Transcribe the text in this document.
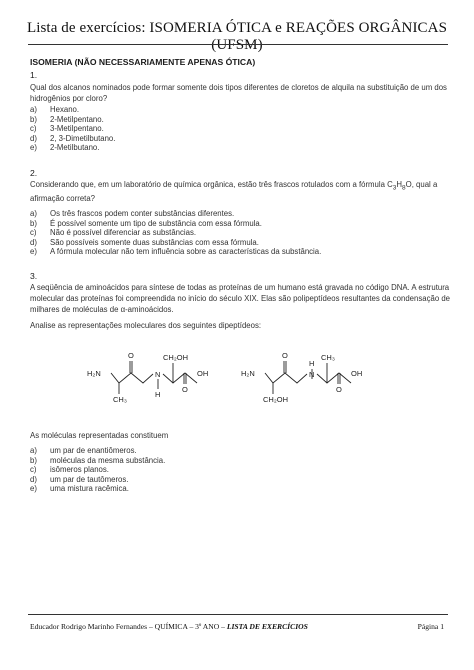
Lista de exercícios: ISOMERIA ÓTICA e REAÇÕES ORGÂNICAS (UFSM)
ISOMERIA (NÃO NECESSARIAMENTE APENAS ÓTICA)
1.
Qual dos alcanos nominados pode formar somente dois tipos diferentes de cloretos de alquila na substituição de um dos hidrogênios por cloro?
a)	Hexano.
b)	2-Metilpentano.
c)	3-Metilpentano.
d)	2, 3-Dimetilbutano.
e)	2-Metilbutano.
2.
Considerando que, em um laboratório de química orgânica, estão três frascos rotulados com a fórmula $C_3H_8O$, qual a afirmação correta?
a)	Os três frascos podem conter substâncias diferentes.
b)	É possível somente um tipo de substância com essa fórmula.
c)	Não é possível diferenciar as substâncias.
d)	São possíveis somente duas substâncias com essa fórmula.
e)	A fórmula molecular não tem influência sobre as características da substância.
3.
A seqüência de aminoácidos para síntese de todas as proteínas de um humano está gravada no código DNA. A estrutura molecular das proteínas foi compreendida no início do século XIX. Elas são polipeptídeos resultantes da condensação de milhares de moléculas de α-aminoácidos.
Analise as representações moleculares dos seguintes dipeptídeos:
H₂N
O
N
H
CH₃
CH₂OH
O
OH	H₂N
O
N
H
CH₂OH
CH₃
O
OH
As moléculas representadas constituem
a)	um par de enantiômeros.
b)	moléculas da mesma substância.
c)	isômeros planos.
d)	um par de tautômeros.
e)	uma mistura racêmica.
Educador Rodrigo Marinho Fernandes – QUÍMICA – 3º ANO – LISTA DE EXERCÍCIOS	Página 1
